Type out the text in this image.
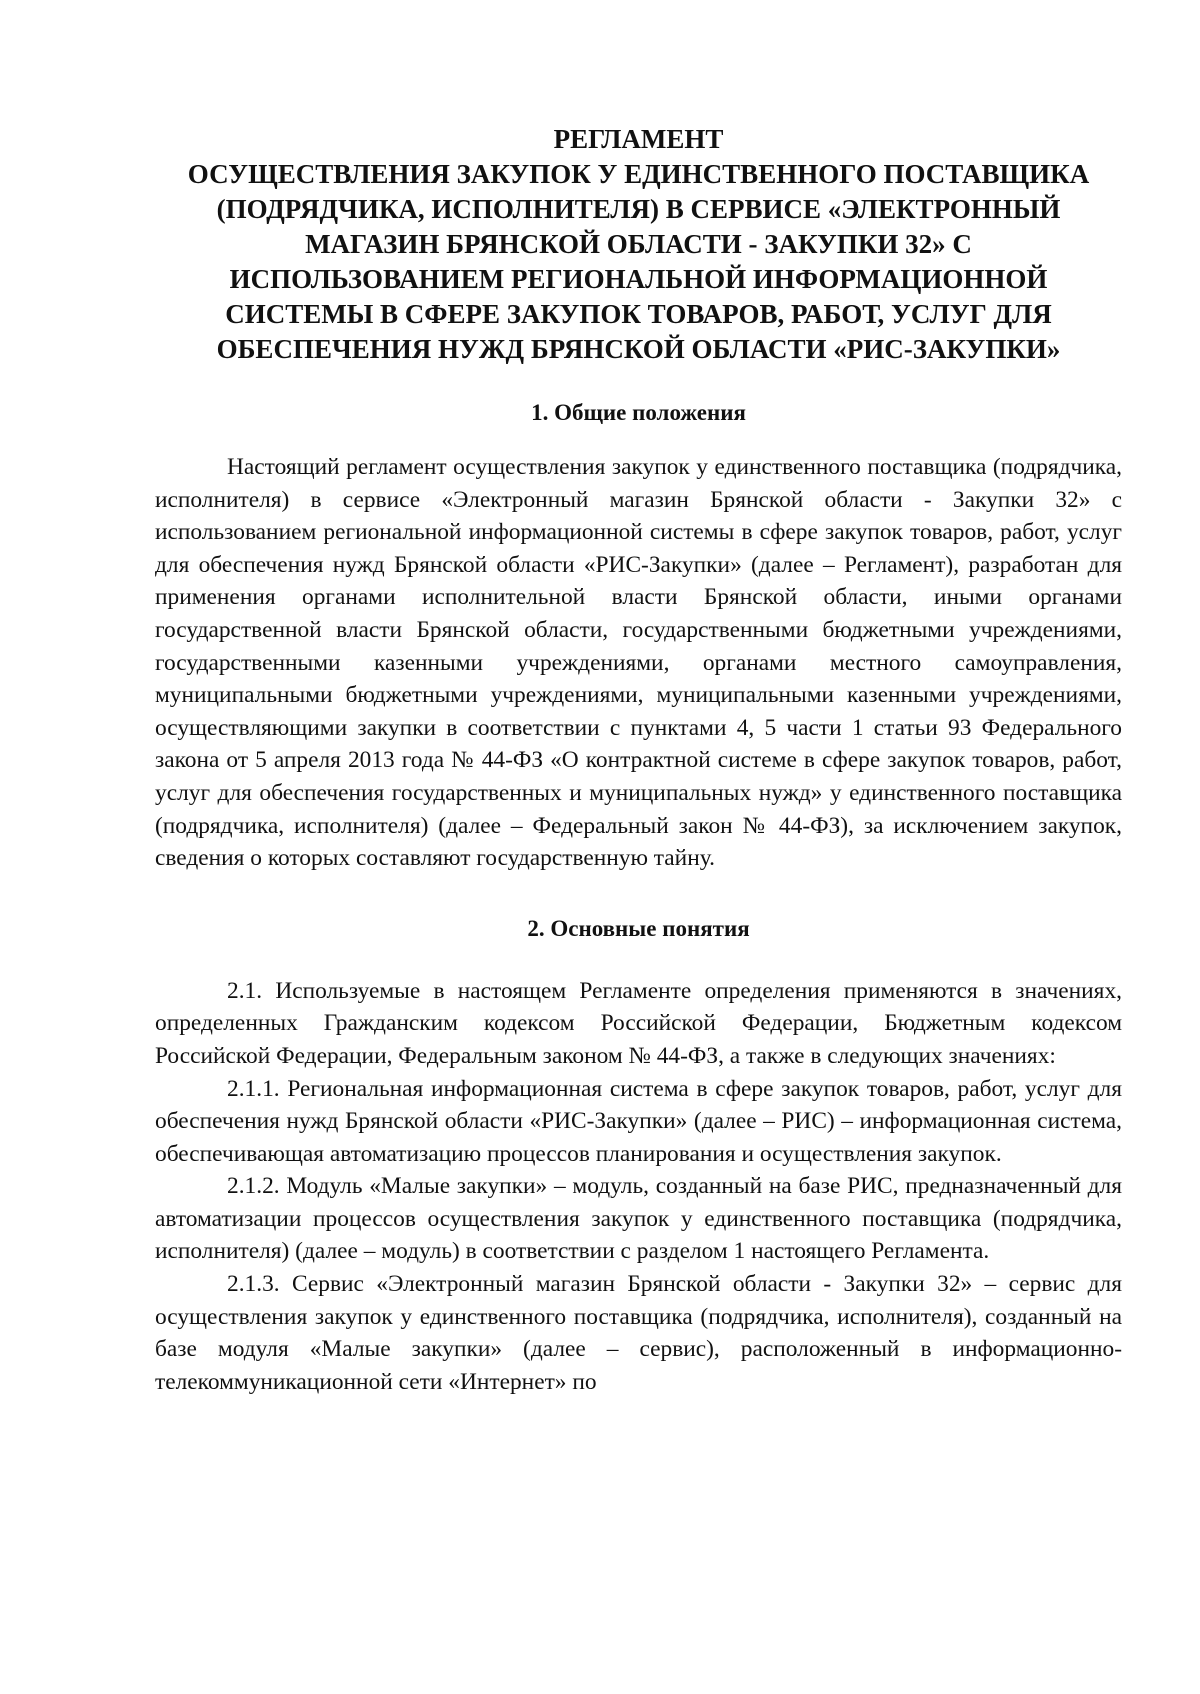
РЕГЛАМЕНТ
ОСУЩЕСТВЛЕНИЯ ЗАКУПОК У ЕДИНСТВЕННОГО ПОСТАВЩИКА
(ПОДРЯДЧИКА, ИСПОЛНИТЕЛЯ) В СЕРВИСЕ «ЭЛЕКТРОННЫЙ
МАГАЗИН БРЯНСКОЙ ОБЛАСТИ - ЗАКУПКИ 32» С
ИСПОЛЬЗОВАНИЕМ РЕГИОНАЛЬНОЙ ИНФОРМАЦИОННОЙ
СИСТЕМЫ В СФЕРЕ ЗАКУПОК ТОВАРОВ, РАБОТ, УСЛУГ ДЛЯ
ОБЕСПЕЧЕНИЯ НУЖД БРЯНСКОЙ ОБЛАСТИ «РИС-ЗАКУПКИ»
1. Общие положения

Настоящий регламент осуществления закупок у единственного поставщика (подрядчика, исполнителя) в сервисе «Электронный магазин Брянской области - Закупки 32» с использованием региональной информационной системы в сфере закупок товаров, работ, услуг для обеспечения нужд Брянской области «РИС-Закупки» (далее – Регламент), разработан для применения органами исполнительной власти Брянской области, иными органами государственной власти Брянской области, государственными бюджетными учреждениями, государственными казенными учреждениями, органами местного самоуправления, муниципальными бюджетными учреждениями, муниципальными казенными учреждениями, осуществляющими закупки в соответствии с пунктами 4, 5 части 1 статьи 93 Федерального закона от 5 апреля 2013 года № 44-ФЗ «О контрактной системе в сфере закупок товаров, работ, услуг для обеспечения государственных и муниципальных нужд» у единственного поставщика (подрядчика, исполнителя) (далее – Федеральный закон № 44-ФЗ), за исключением закупок, сведения о которых составляют государственную тайну.

2. Основные понятия

2.1. Используемые в настоящем Регламенте определения применяются в значениях, определенных Гражданским кодексом Российской Федерации, Бюджетным кодексом Российской Федерации, Федеральным законом № 44-ФЗ, а также в следующих значениях:

2.1.1. Региональная информационная система в сфере закупок товаров, работ, услуг для обеспечения нужд Брянской области «РИС-Закупки» (далее – РИС) – информационная система, обеспечивающая автоматизацию процессов планирования и осуществления закупок.

2.1.2. Модуль «Малые закупки» – модуль, созданный на базе РИС, предназначенный для автоматизации процессов осуществления закупок у единственного поставщика (подрядчика, исполнителя) (далее – модуль) в соответствии с разделом 1 настоящего Регламента.

2.1.3. Сервис «Электронный магазин Брянской области - Закупки 32» – сервис для осуществления закупок у единственного поставщика (подрядчика, исполнителя), созданный на базе модуля «Малые закупки» (далее – сервис), расположенный в информационно-телекоммуникационной сети «Интернет» по
